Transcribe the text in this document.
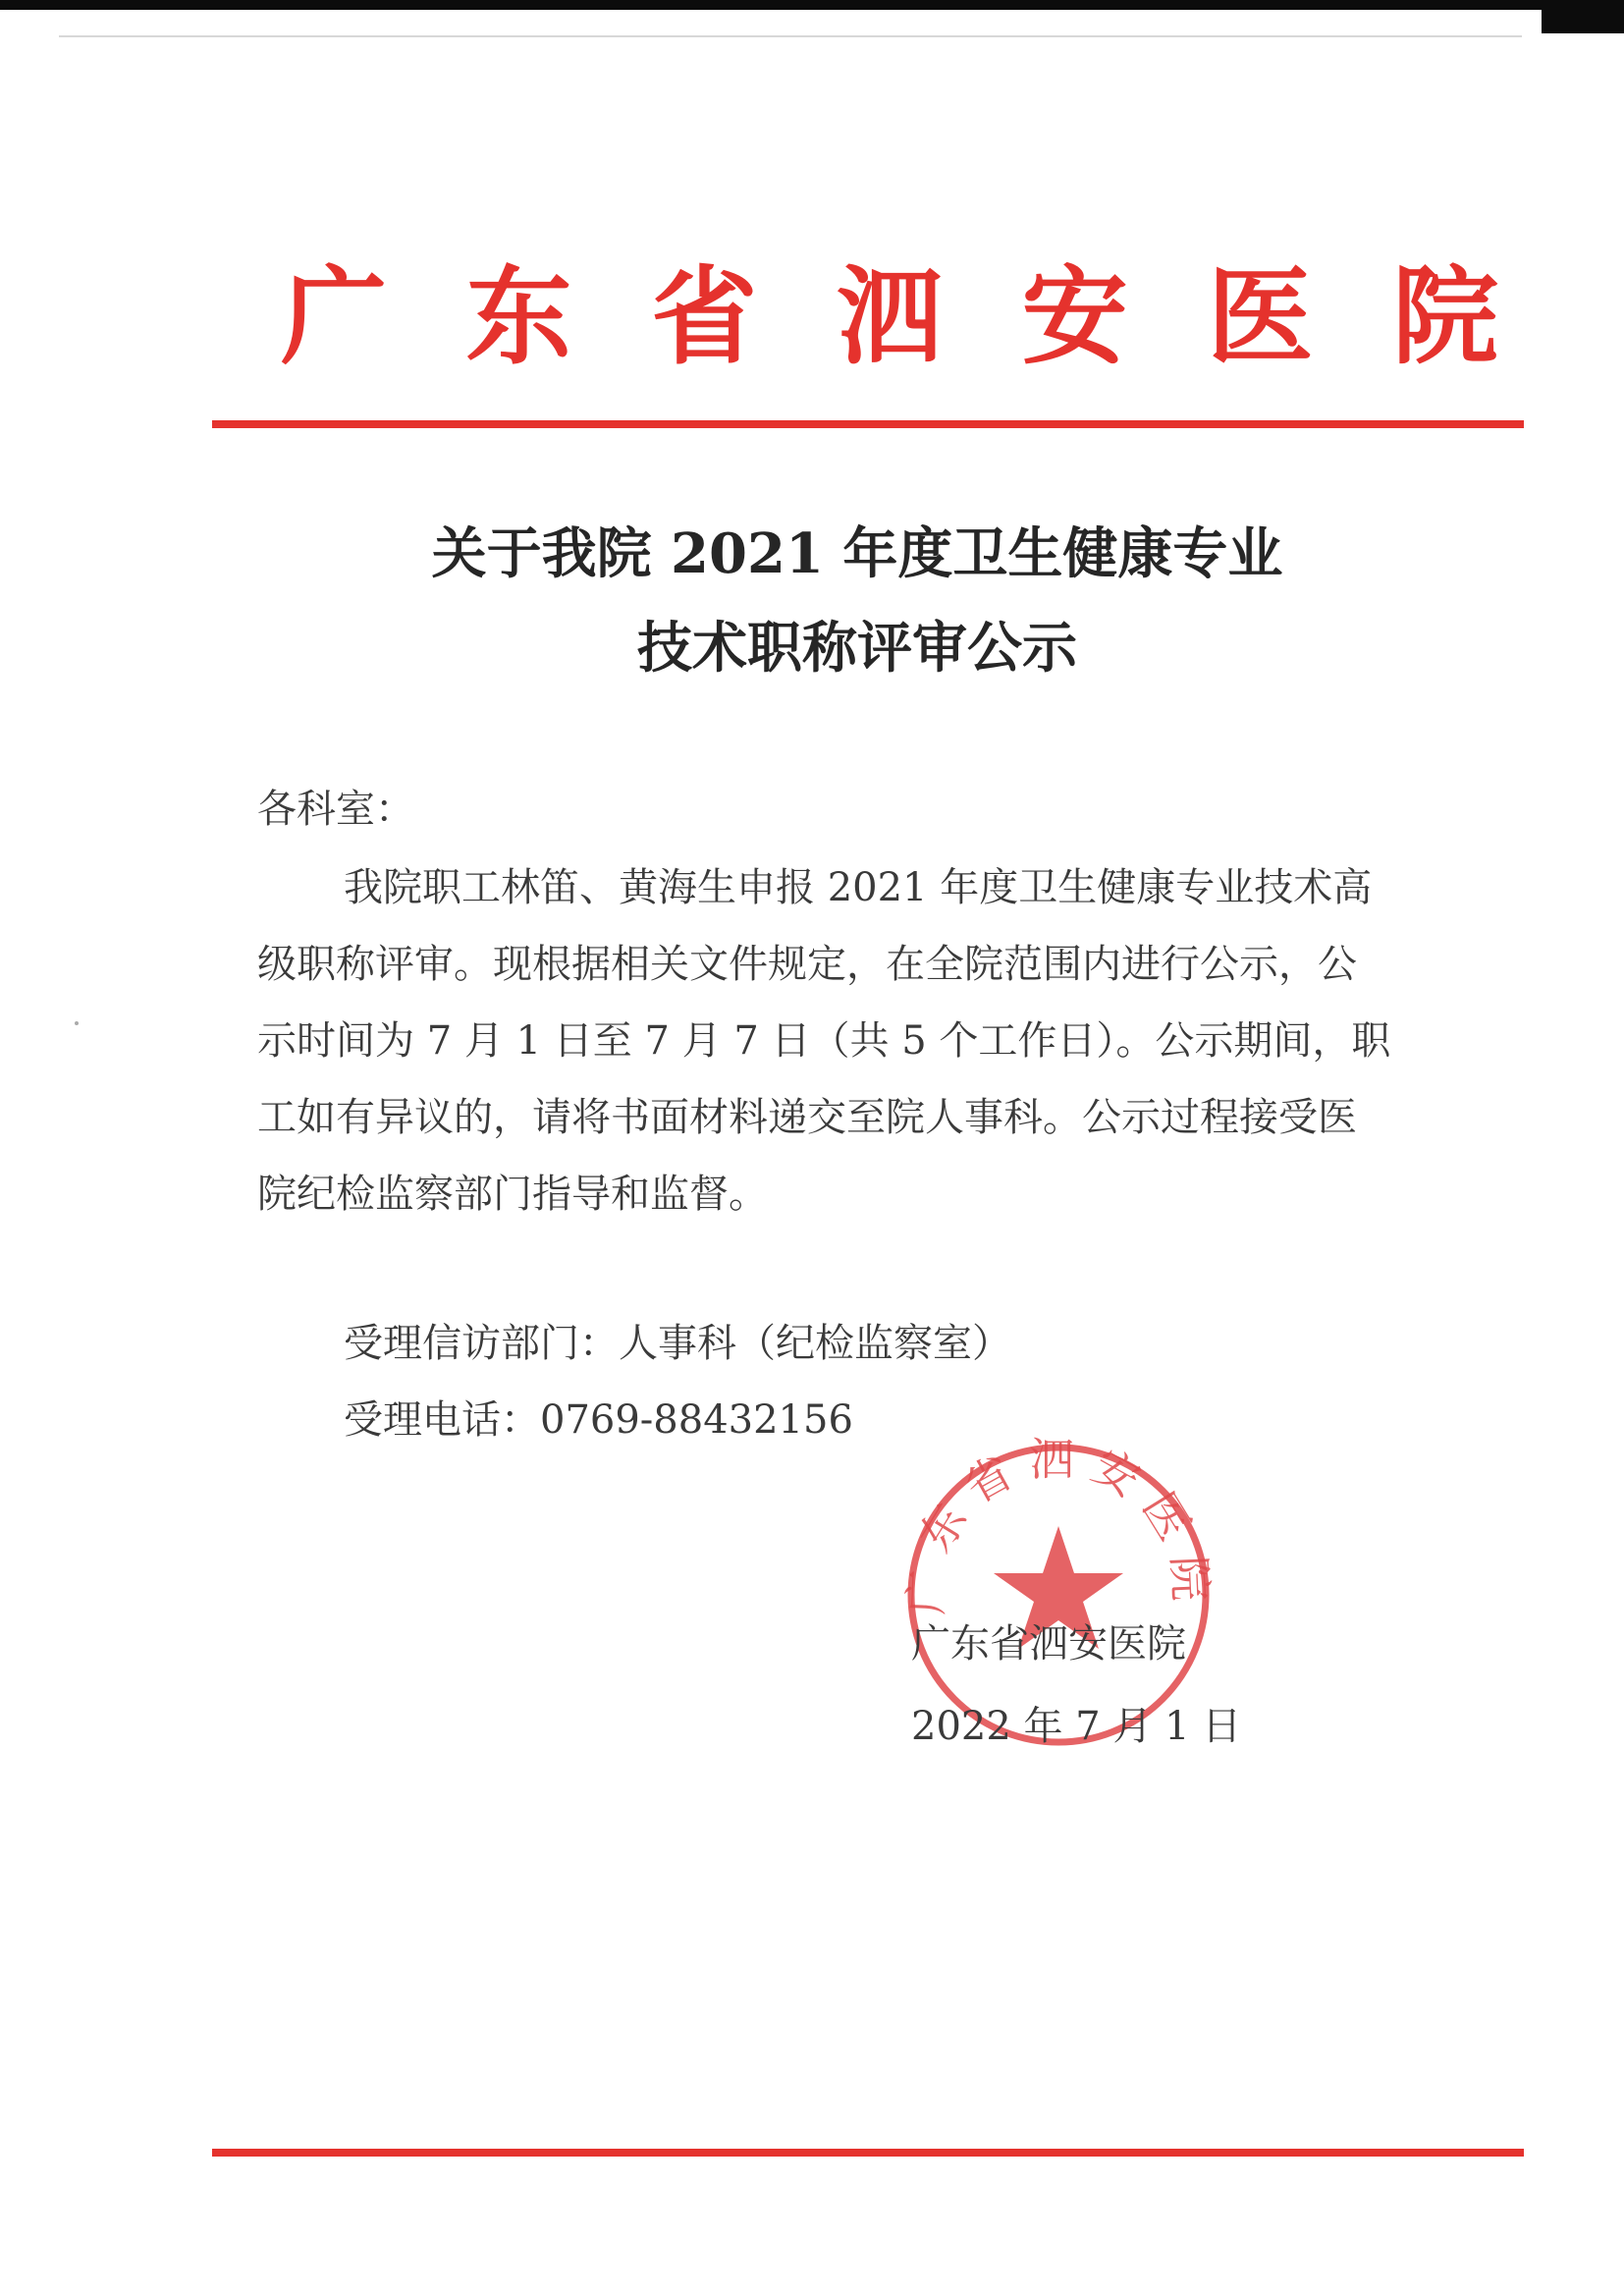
广 东 省 泗 安 医 院
关于我院 2021 年度卫生健康专业
技术职称评审公示
各科室：
我院职工林笛、黄海生申报 2021 年度卫生健康专业技术高
级职称评审。现根据相关文件规定，在全院范围内进行公示，公
示时间为 7 月 1 日至 7 月 7 日（共 5 个工作日）。公示期间，职
工如有异议的，请将书面材料递交至院人事科。公示过程接受医
院纪检监察部门指导和监督。
受理信访部门：人事科（纪检监察室）
受理电话：0769-88432156
广东省泗安医院
广东省泗安医院
2022 年 7 月 1 日
